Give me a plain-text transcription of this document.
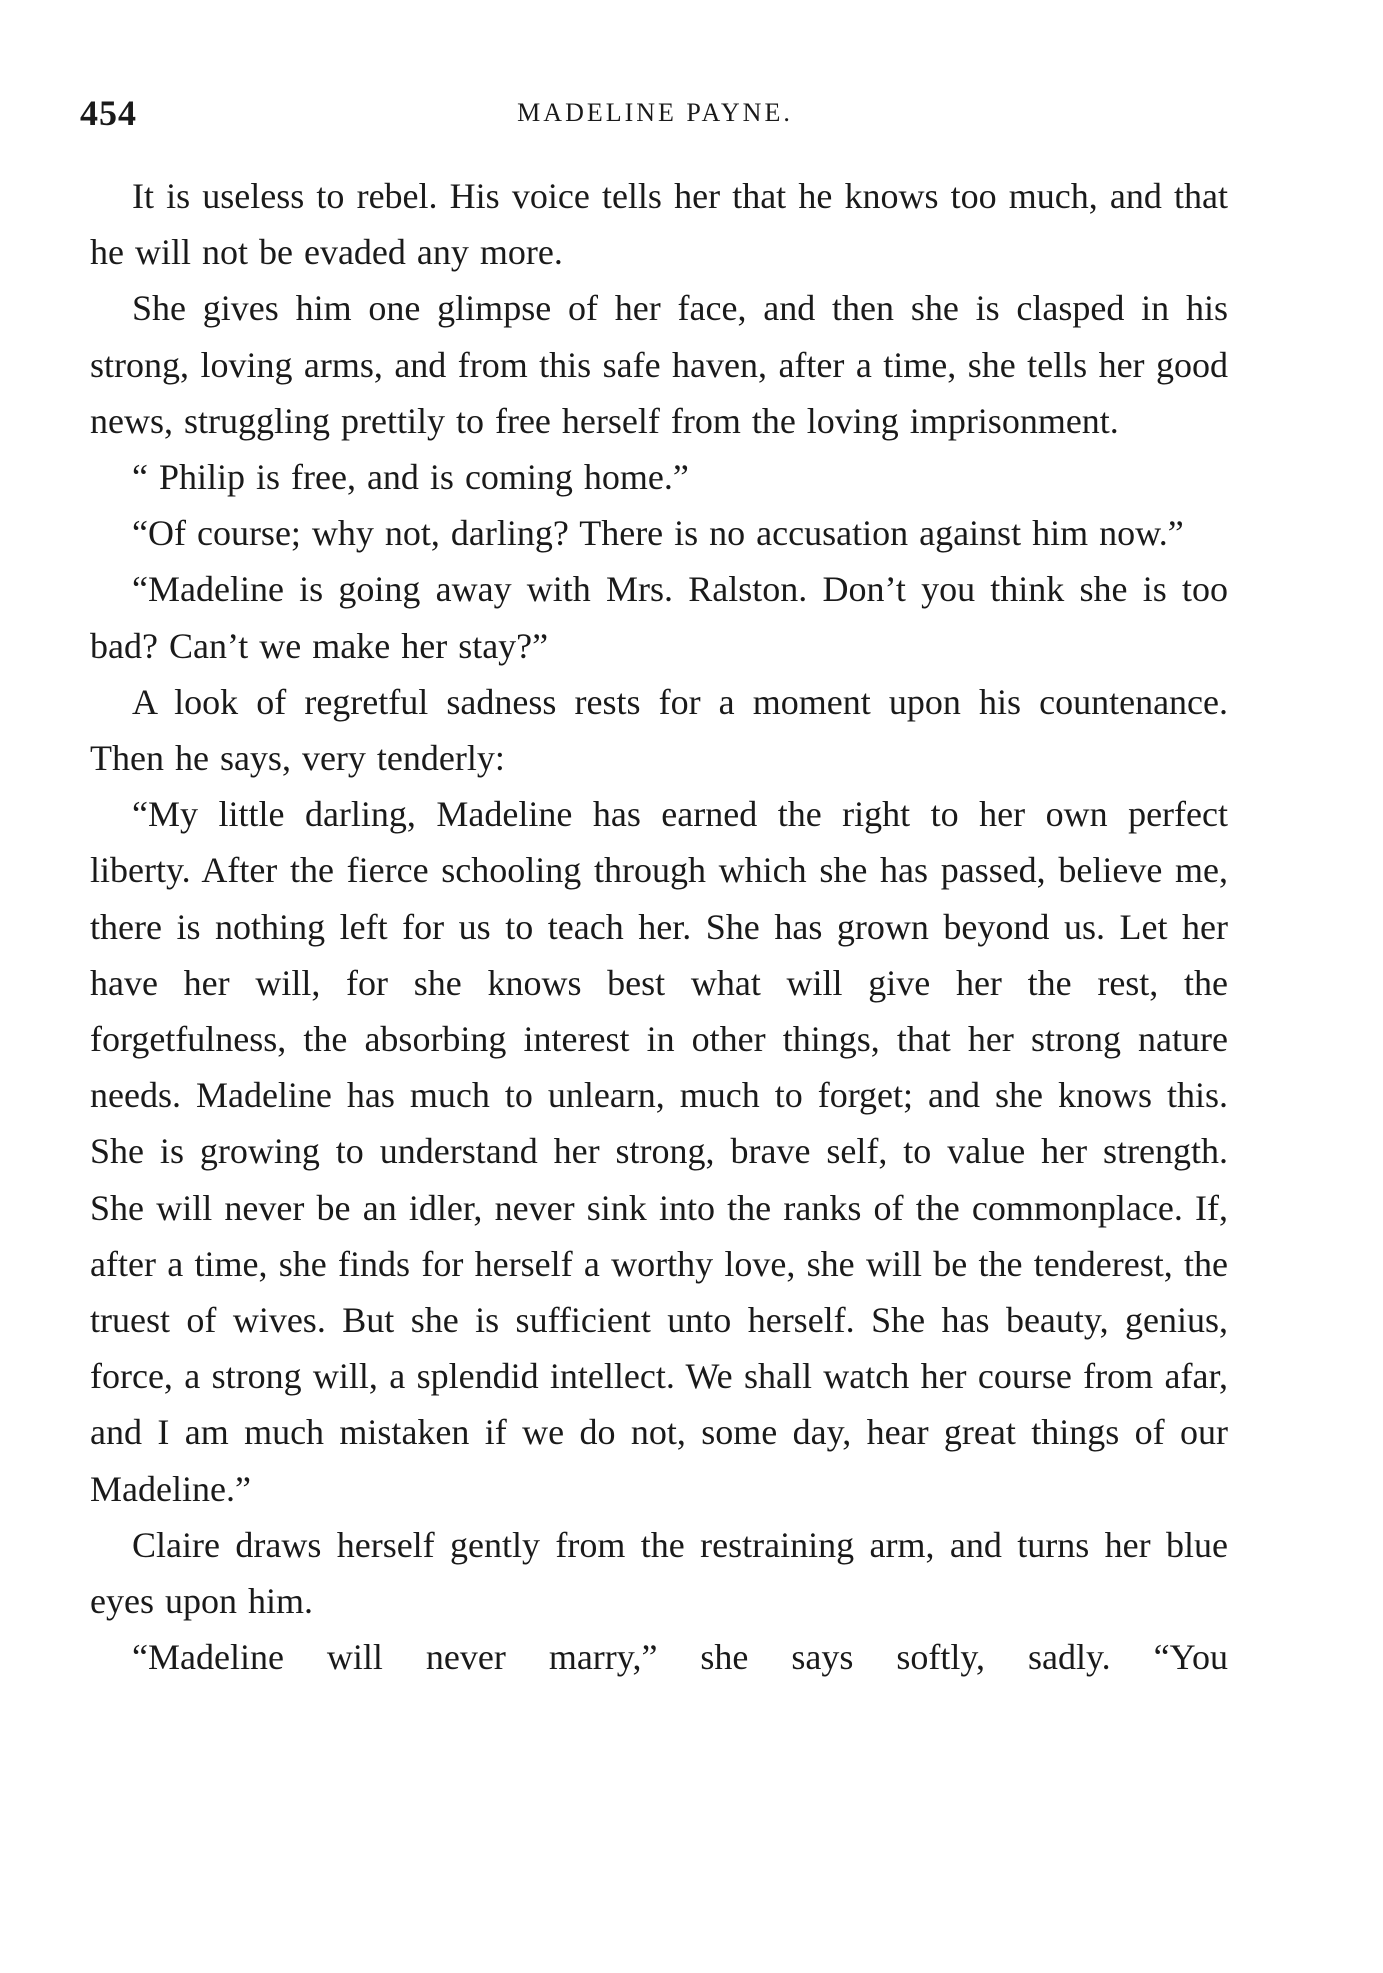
454	MADELINE PAYNE.

It is useless to rebel. His voice tells her that he knows too much, and that he will not be evaded any more.

She gives him one glimpse of her face, and then she is clasped in his strong, loving arms, and from this safe haven, after a time, she tells her good news, struggling prettily to free herself from the loving imprisonment.

“ Philip is free, and is coming home.”

“Of course; why not, darling? There is no accusation against him now.”

“Madeline is going away with Mrs. Ralston. Don’t you think she is too bad? Can’t we make her stay?”

A look of regretful sadness rests for a moment upon his countenance. Then he says, very tenderly:

“My little darling, Madeline has earned the right to her own perfect liberty. After the fierce schooling through which she has passed, believe me, there is nothing left for us to teach her. She has grown beyond us. Let her have her will, for she knows best what will give her the rest, the forgetfulness, the absorbing interest in other things, that her strong nature needs. Madeline has much to unlearn, much to forget; and she knows this. She is growing to understand her strong, brave self, to value her strength. She will never be an idler, never sink into the ranks of the commonplace. If, after a time, she finds for herself a worthy love, she will be the tenderest, the truest of wives. But she is sufficient unto herself. She has beauty, genius, force, a strong will, a splendid intellect. We shall watch her course from afar, and I am much mistaken if we do not, some day, hear great things of our Madeline.”

Claire draws herself gently from the restraining arm, and turns her blue eyes upon him.

“Madeline will never marry,” she says softly, sadly. “You
